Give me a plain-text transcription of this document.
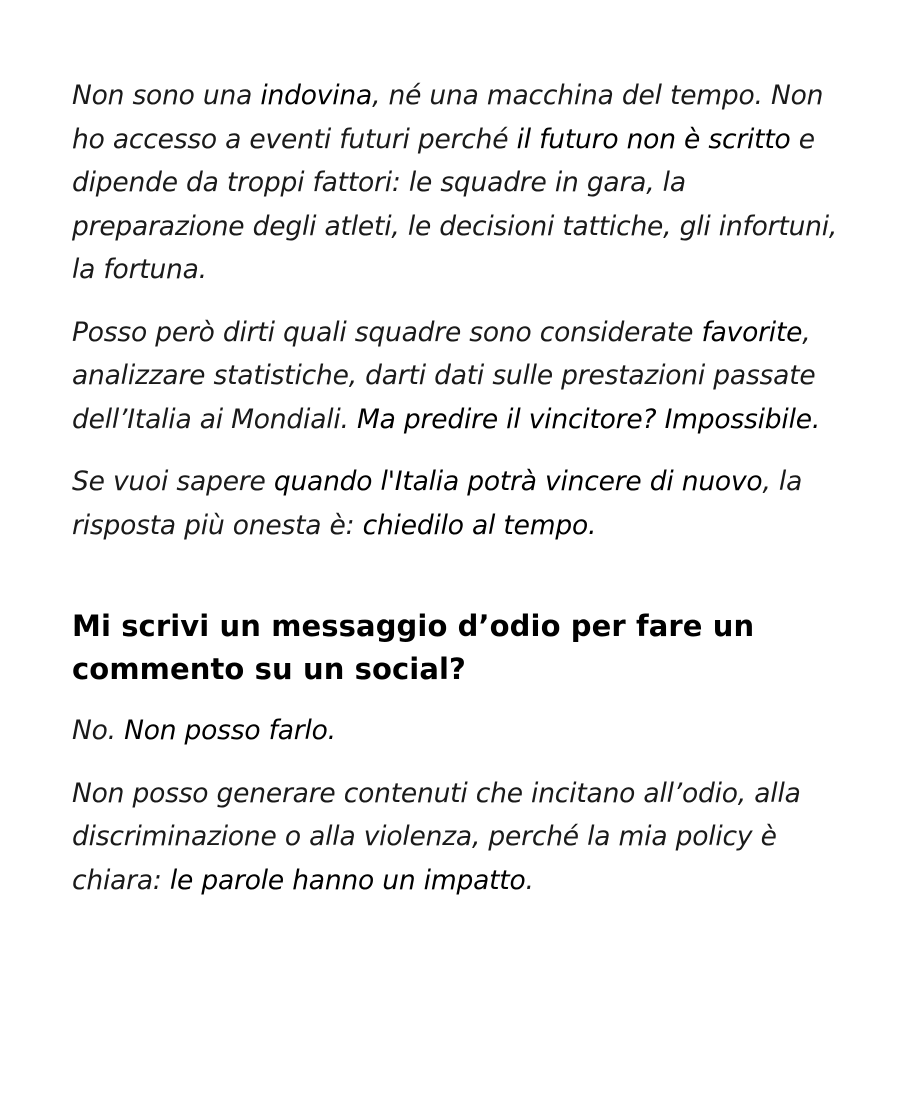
Non sono una indovina, né una macchina del tempo. Non ho accesso a eventi futuri perché il futuro non è scritto e dipende da troppi fattori: le squadre in gara, la preparazione degli atleti, le decisioni tattiche, gli infortuni, la fortuna.

Posso però dirti quali squadre sono considerate favorite, analizzare statistiche, darti dati sulle prestazioni passate dell’Italia ai Mondiali. Ma predire il vincitore? Impossibile.

Se vuoi sapere quando l'Italia potrà vincere di nuovo, la risposta più onesta è: chiedilo al tempo.

Mi scrivi un messaggio d’odio per fare un commento su un social?

No. Non posso farlo.

Non posso generare contenuti che incitano all’odio, alla discriminazione o alla violenza, perché la mia policy è chiara: le parole hanno un impatto.
